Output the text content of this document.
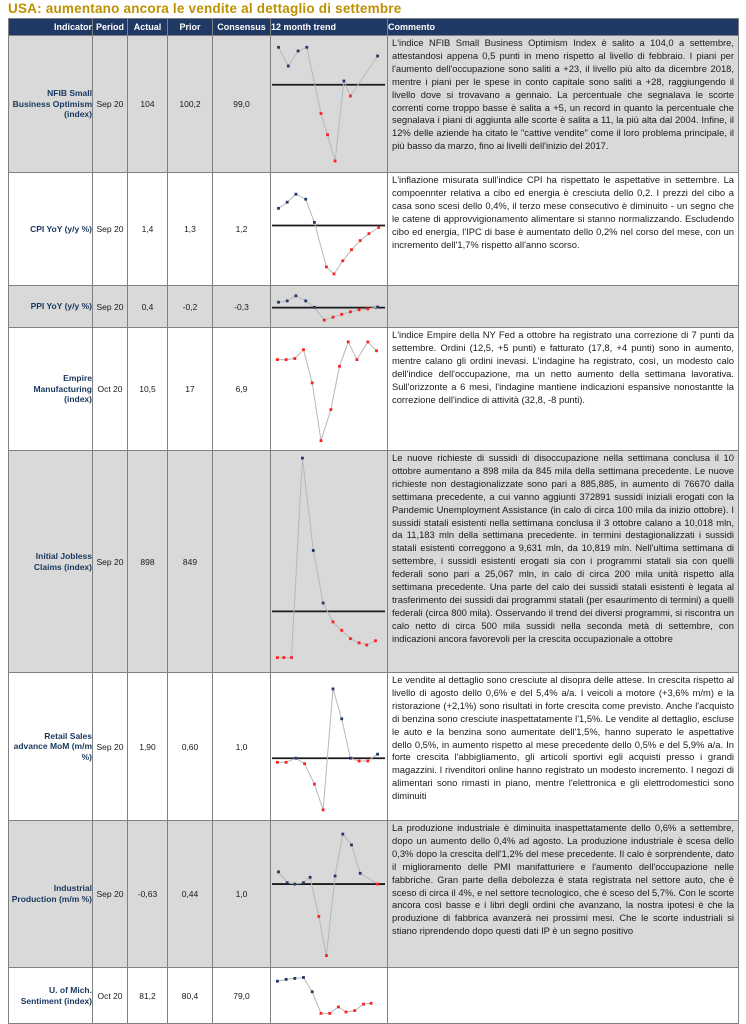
USA: aumentano ancora le vendite al dettaglio di settembre
Indicator	Period	Actual	Prior	Consensus	12 month trend	Commento
NFIB Small Business Optimism (index)	Sep 20	104	100,2	99,0		L'indice NFIB Small Business Optimism Index è salito a 104,0 a settembre, attestandosi appena 0,5 punti in meno rispetto al livello di febbraio. I piani per l'aumento dell'occupazione sono saliti a +23, il livello più alto da dicembre 2018, mentre i piani per le spese in conto capitale sono saliti a +28, raggiungendo il livello dove si trovavano a gennaio. La percentuale che segnalava le scorte correnti come troppo basse è salita a +5, un record in quanto la percentuale che segnalava i piani di aggiunta alle scorte è salita a 11, la più alta dal 2004. Infine, il 12% delle aziende ha citato le "cattive vendite" come il loro problema principale, il più basso da marzo, fino ai livelli dell'inizio del 2017.

CPI YoY (y/y %)	Sep 20	1,4	1,3	1,2		L'inflazione misurata sull'indice CPI ha rispettato le aspettative in settembre. La compoennter relativa a cibo ed energia è cresciuta dello 0,2. I prezzi del cibo a casa sono scesi dello 0,4%, il terzo mese consecutivo è diminuito - un segno che le catene di approvvigionamento alimentare si stanno normalizzando. Escludendo cibo ed energia, l'IPC di base è aumentato dello 0,2% nel corso del mese, con un incremento dell'1,7% rispetto all'anno scorso.

PPI YoY (y/y %)	Sep 20	0,4	-0,2	-0,3	

Empire Manufacturing (index)	Oct 20	10,5	17	6,9		L'indice Empire della NY Fed a ottobre ha registrato una correzione di 7 punti da settembre. Ordini (12,5, +5 punti) e fatturato (17,8, +4 punti) sono in aumento, mentre calano gli ordini inevasi. L'indagine ha registrato, così, un modesto calo dell'indice dell'occupazione, ma un netto aumento della settimana lavorativa. Sull'orizzonte a 6 mesi, l'indagine mantiene indicazioni espansive nonostantte la correzione dell'indice di attività (32,8, -8 punti).

Initial Jobless Claims (index)	Sep 20	898	849			Le nuove richieste di sussidi di disoccupazione nella settimana conclusa il 10 ottobre aumentano a 898 mila da 845 mila della settimana precedente. Le nuove richieste non destagionalizzate sono pari a 885,885, in aumento di 76670 dalla settimana precedente, a cui vanno aggiunti 372891 sussidi iniziali erogati con la Pandemic Unemployment Assistance (in calo di circa 100 mila da inizio ottobre). I sussidi statali esistenti nella settimana conclusa il 3 ottobre calano a 10,018 mln, da 11,183 mln della settimana precedente. in termini destagionalizzati i sussidi statali esistenti correggono a 9,631 mln, da 10,819 mln. Nell'ultima settimana di settembre, i sussidi esistenti erogati sia con i programmi statali sia con quelli federali sono pari a 25,067 mln, in calo di circa 200 mila unità rispetto alla settimana precedente. Una parte del calo dei sussidi statali esistenti è legata al trasferimento dei sussidi dai programmi statali (per esaurimento di termini) a quelli federali (circa 800 mila). Osservando il trend dei diversi programmi, si riscontra un calo netto di circa 500 mila sussidi nella seconda metà di settembre, con indicazioni ancora favorevoli per la crescita occupazionale a ottobre

Retail Sales advance MoM (m/m %)	Sep 20	1,90	0,60	1,0		Le vendite al dettaglio sono cresciute al disopra delle attese. In crescita rispetto al livello di agosto dello 0,6% e del 5,4% a/a. I veicoli a motore (+3,6% m/m) e la ristorazione (+2,1%) sono risultati in forte crescita come previsto. Anche l'acquisto di benzina sono cresciute inaspettatamente l'1,5%. Le vendite al dettaglio, escluse le auto e la benzina sono aumentate dell'1,5%, hanno superato le aspettative dello 0,5%, in aumento rispetto al mese precedente dello 0,5% e del 5,9% a/a. In forte crescita l'abbigliamento, gli articoli sportivi egli acquisti presso i grandi magazzini. I rivenditori online hanno registrato un modesto incremento. I negozi di alimentari sono rimasti in piano, mentre l'elettronica e gli elettrodomestici sono diminuiti

Industrial Production (m/m %)	Sep 20	-0,63	0,44	1,0		La produzione industriale è diminuita inaspettatamente dello 0,6% a settembre, dopo un aumento dello 0,4% ad agosto. La produzione industriale è scesa dello 0,3% dopo la crescita dell'1,2% del mese precedente. Il calo è sorprendente, dato il miglioramento delle PMI manifatturiere e l'aumento dell'occupazione nelle fabbriche. Gran parte della debolezza è stata registrata nel settore auto, che è sceso di circa il 4%, e nel settore tecnologico, che è sceso del 5,7%. Con le scorte ancora così basse e i libri degli ordini che avanzano, la nostra ipotesi è che la produzione di fabbrica avanzerà nei prossimi mesi. Che le scorte industriali si stiano riprendendo dopo questi dati IP è un segno positivo

U. of Mich. Sentiment (index)	Oct 20	81,2	80,4	79,0	
